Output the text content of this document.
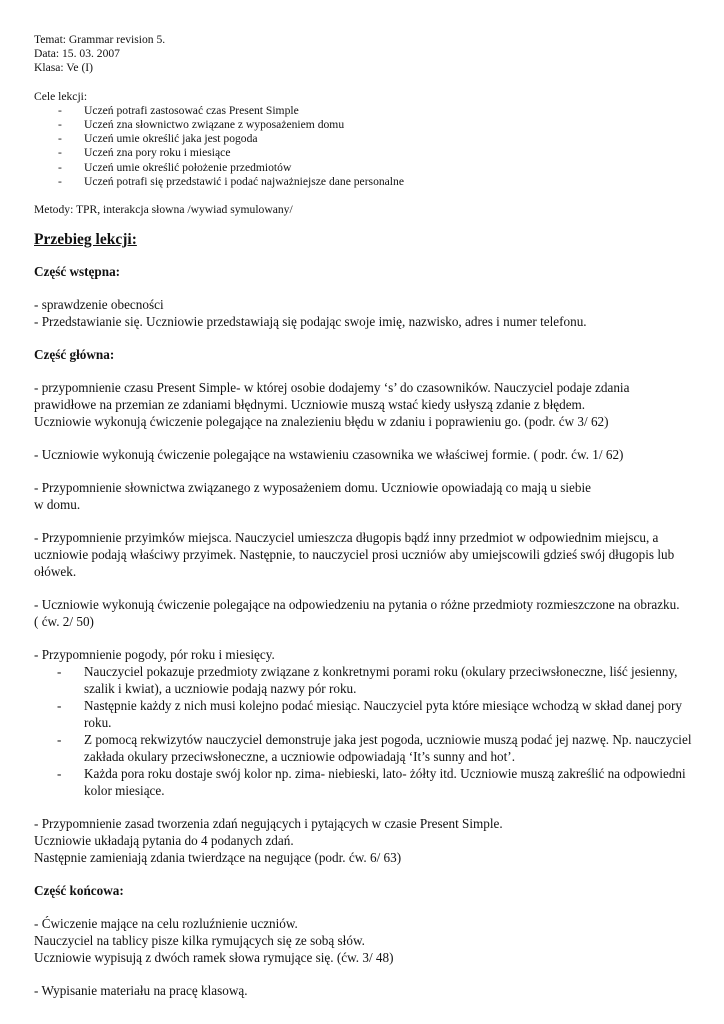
Temat: Grammar revision 5.
Data: 15. 03. 2007
Klasa: Ve (I)
Cele lekcji:
- Uczeń potrafi zastosować czas Present Simple
- Uczeń zna słownictwo związane z wyposażeniem domu
- Uczeń umie określić jaka jest pogoda
- Uczeń zna pory roku i miesiące
- Uczeń umie określić położenie przedmiotów
- Uczeń potrafi się przedstawić i podać najważniejsze dane personalne
Metody: TPR, interakcja słowna /wywiad symulowany/
Przebieg lekcji:
Część wstępna:
- sprawdzenie obecności
- Przedstawianie się. Uczniowie przedstawiają się podając swoje imię, nazwisko, adres i numer telefonu.
Część główna:
- przypomnienie czasu Present Simple- w której osobie dodajemy ‘s’ do czasowników. Nauczyciel podaje zdania
prawidłowe na przemian ze zdaniami błędnymi. Uczniowie muszą wstać kiedy usłyszą zdanie z błędem.
Uczniowie wykonują ćwiczenie polegające na znalezieniu błędu w zdaniu i poprawieniu go. (podr. ćw 3/ 62)
- Uczniowie wykonują ćwiczenie polegające na wstawieniu czasownika we właściwej formie. ( podr. ćw. 1/ 62)
- Przypomnienie słownictwa związanego z wyposażeniem domu. Uczniowie opowiadają co mają u siebie
w domu.
- Przypomnienie przyimków miejsca. Nauczyciel umieszcza długopis bądź inny przedmiot w odpowiednim miejscu, a
uczniowie podają właściwy przyimek. Następnie, to nauczyciel prosi uczniów aby umiejscowili gdzieś swój długopis lub
ołówek.
- Uczniowie wykonują ćwiczenie polegające na odpowiedzeniu na pytania o różne przedmioty rozmieszczone na obrazku.
( ćw. 2/ 50)
- Przypomnienie pogody, pór roku i miesięcy.
- Nauczyciel pokazuje przedmioty związane z konkretnymi porami roku (okulary przeciwsłoneczne, liść jesienny, szalik i kwiat), a uczniowie podają nazwy pór roku.
- Następnie każdy z nich musi kolejno podać miesiąc. Nauczyciel pyta które miesiące wchodzą w skład danej pory roku.
- Z pomocą rekwizytów nauczyciel demonstruje jaka jest pogoda, uczniowie muszą podać jej nazwę. Np. nauczyciel zakłada okulary przeciwsłoneczne, a uczniowie odpowiadają ‘It’s sunny and hot’.
- Każda pora roku dostaje swój kolor np. zima- niebieski, lato- żółty itd. Uczniowie muszą zakreślić na odpowiedni kolor miesiące.
- Przypomnienie zasad tworzenia zdań negujących i pytających w czasie Present Simple.
Uczniowie układają pytania do 4 podanych zdań.
Następnie zamieniają zdania twierdzące na negujące (podr. ćw. 6/ 63)
Część końcowa:
- Ćwiczenie mające na celu rozluźnienie uczniów.
Nauczyciel na tablicy pisze kilka rymujących się ze sobą słów.
Uczniowie wypisują z dwóch ramek słowa rymujące się. (ćw. 3/ 48)
- Wypisanie materiału na pracę klasową.
